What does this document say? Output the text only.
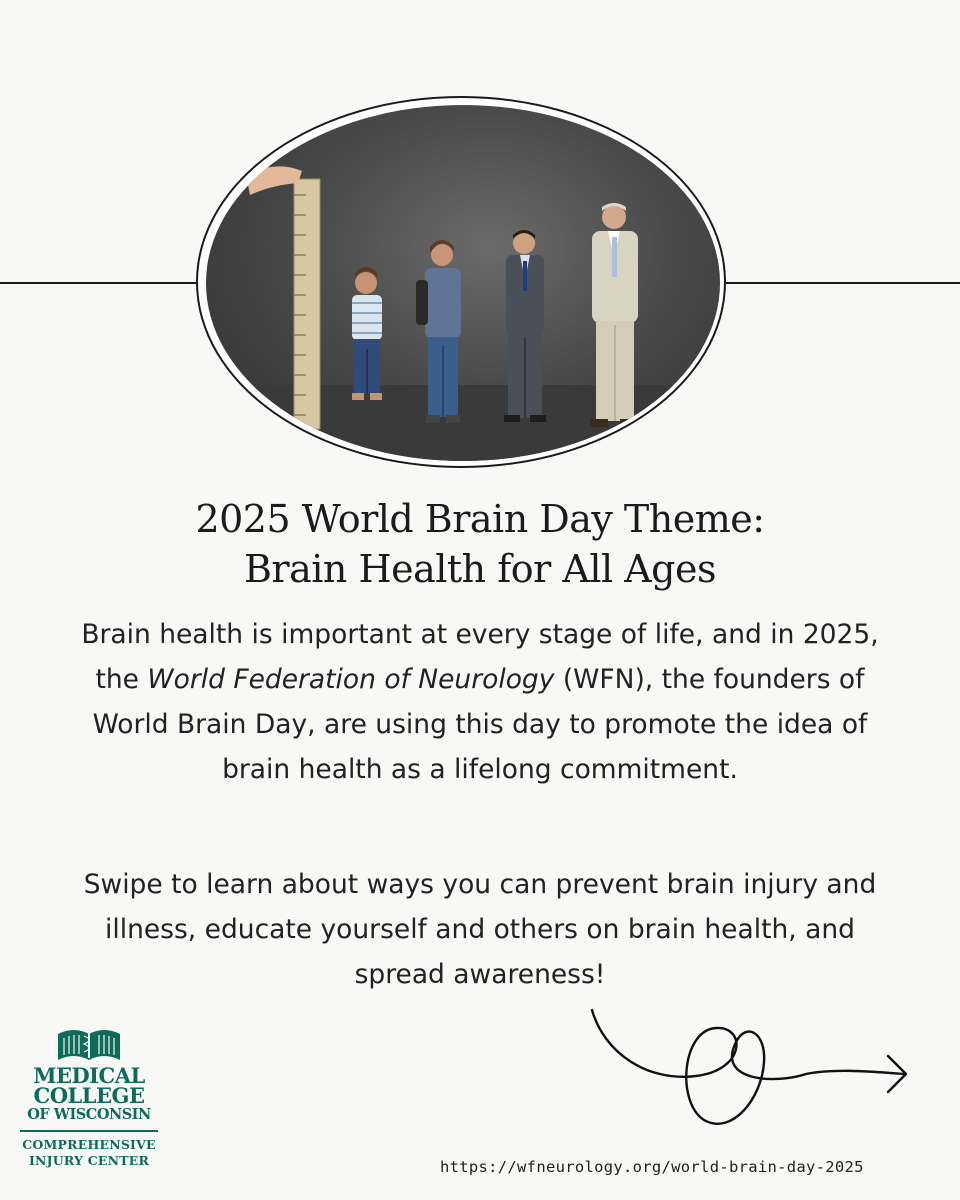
2025 World Brain Day Theme:
Brain Health for All Ages

Brain health is important at every stage of life, and in 2025, the World Federation of Neurology (WFN), the founders of World Brain Day, are using this day to promote the idea of brain health as a lifelong commitment.

Swipe to learn about ways you can prevent brain injury and illness, educate yourself and others on brain health, and spread awareness!

MEDICAL
COLLEGE
OF WISCONSIN
COMPREHENSIVE
INJURY CENTER	https://wfneurology.org/world-brain-day-2025
